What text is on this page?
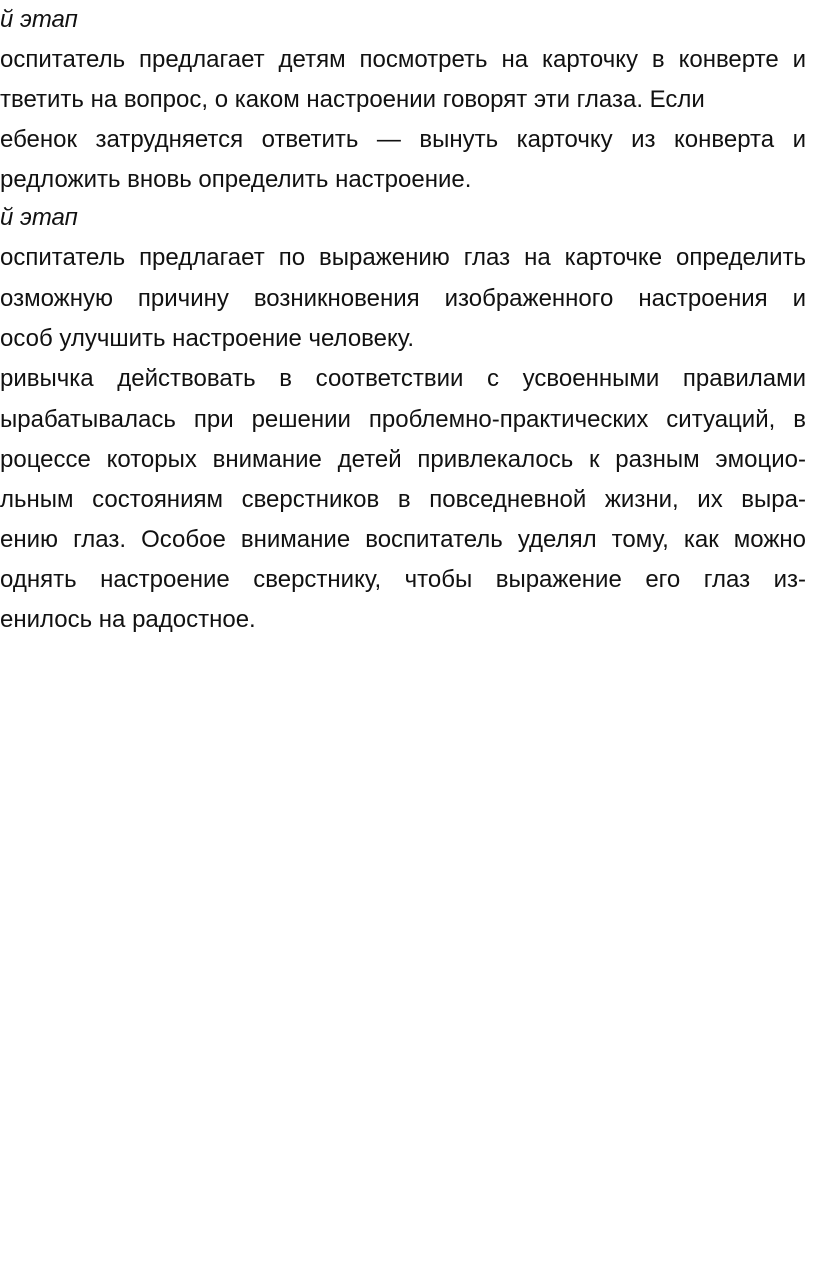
й этап
оспитатель предлагает детям посмотреть на карточку в конверте и
тветить на вопрос, о каком настроении говорят эти глаза. Если
ебенок затрудняется ответить — вынуть карточку из конверта и
редложить вновь определить настроение.
й этап
оспитатель предлагает по выражению глаз на карточке определить
озможную причину возникновения изображенного настроения и
особ улучшить настроение человеку.
ривычка действовать в соответствии с усвоенными правилами
ырабатывалась при решении проблемно-практических ситуаций, в
роцессе которых внимание детей привлекалось к разным эмоцио-
льным состояниям сверстников в повседневной жизни, их выра-
ению глаз. Особое внимание воспитатель уделял тому, как можно
однять настроение сверстнику, чтобы выражение его глаз из-
енилось на радостное.
